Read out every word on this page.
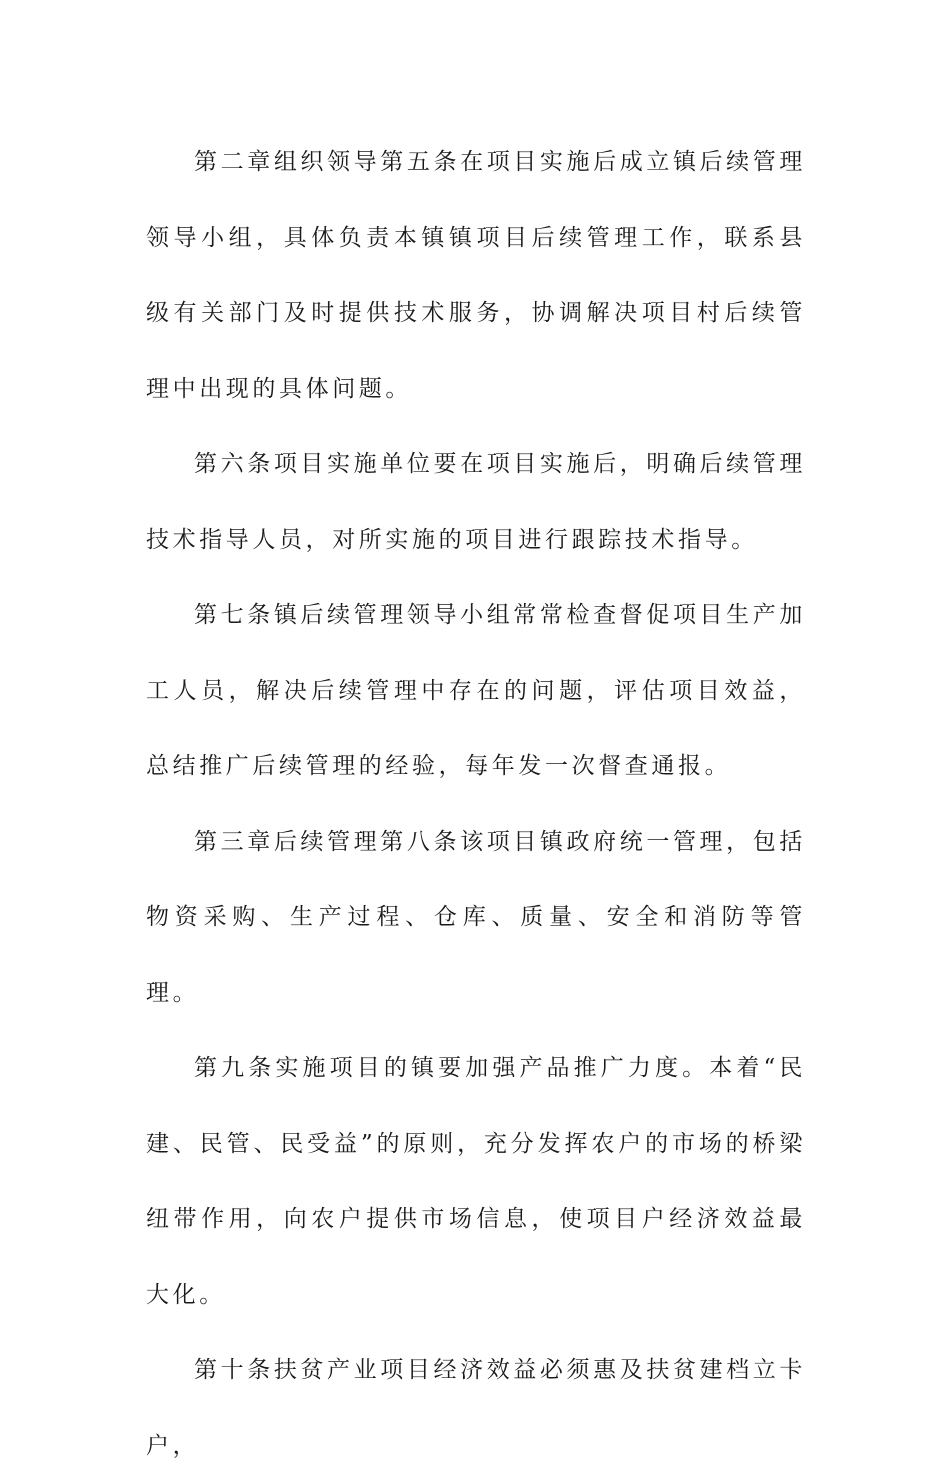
第二章组织领导第五条在项目实施后成立镇后续管理领导小组，具体负责本镇镇项目后续管理工作，联系县级有关部门及时提供技术服务，协调解决项目村后续管理中出现的具体问题。

第六条项目实施单位要在项目实施后，明确后续管理技术指导人员，对所实施的项目进行跟踪技术指导。

第七条镇后续管理领导小组常常检查督促项目生产加工人员，解决后续管理中存在的问题，评估项目效益，总结推广后续管理的经验，每年发一次督查通报。

第三章后续管理第八条该项目镇政府统一管理，包括物资采购、生产过程、仓库、质量、安全和消防等管理。

第九条实施项目的镇要加强产品推广力度。本着“民建、民管、民受益”的原则，充分发挥农户的市场的桥梁纽带作用，向农户提供市场信息，使项目户经济效益最大化。

第十条扶贫产业项目经济效益必须惠及扶贫建档立卡户，
